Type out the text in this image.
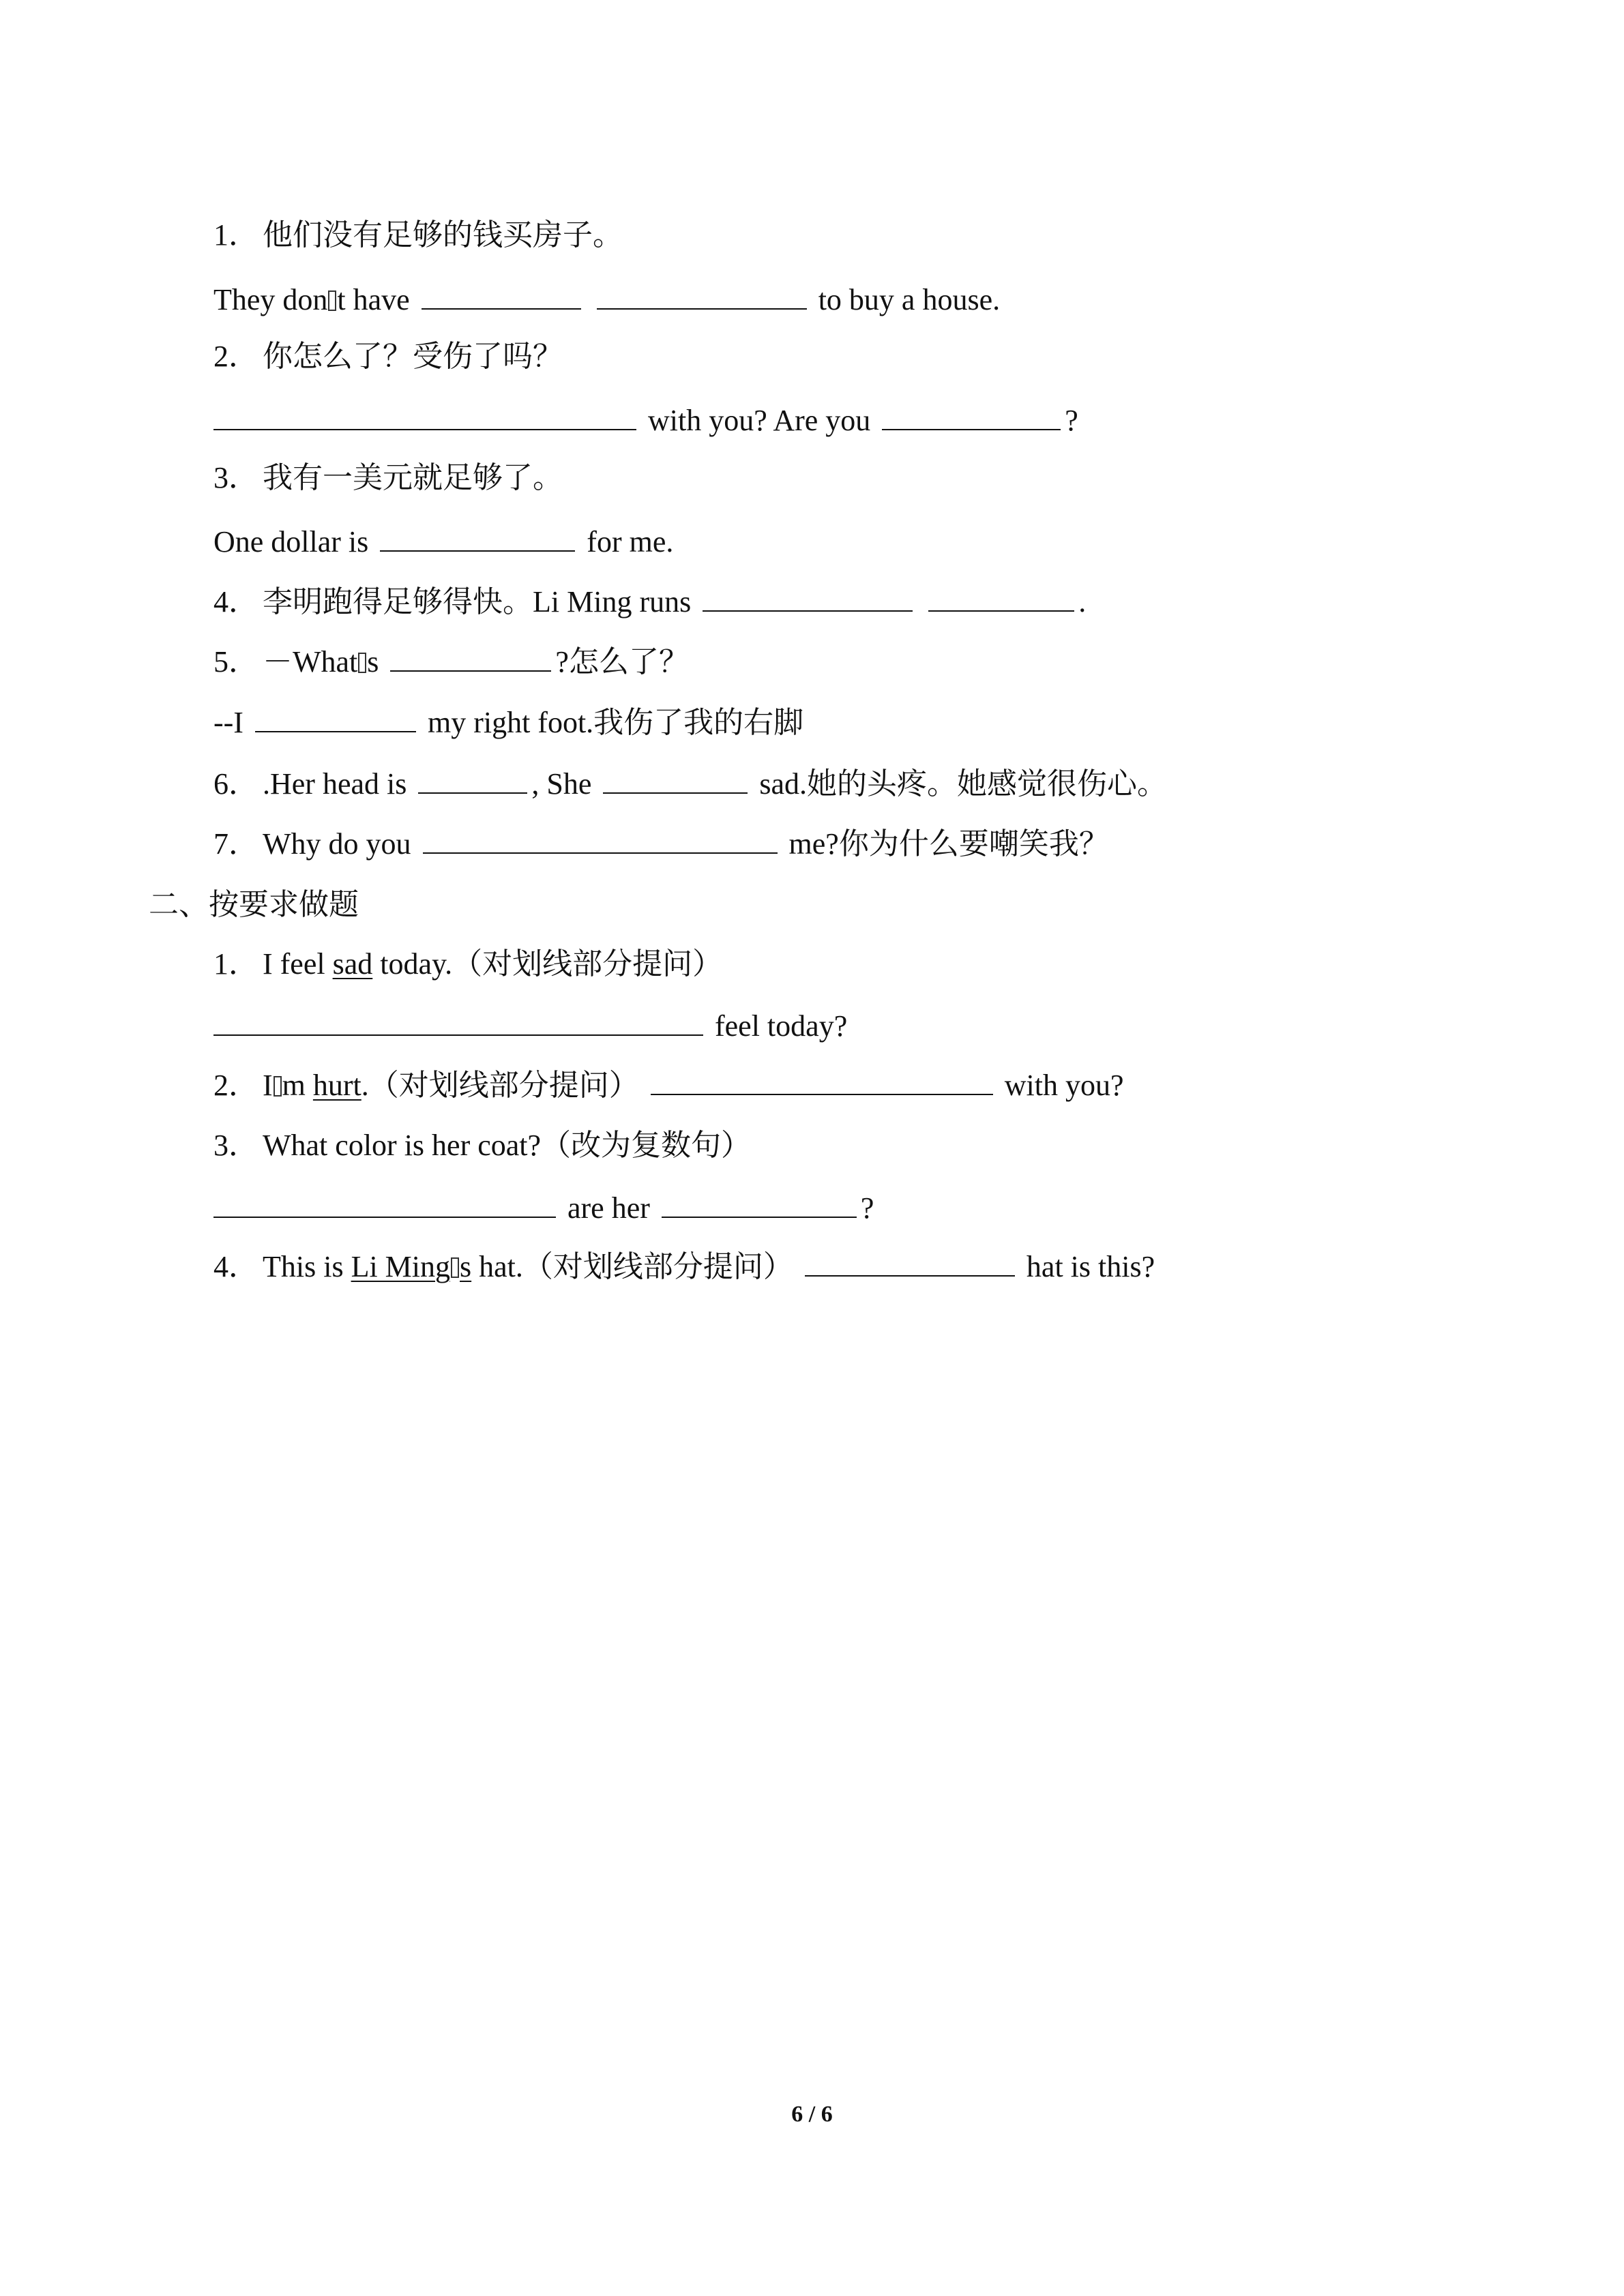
1． 他们没有足够的钱买房子。
They don t have	to buy a house.
2． 你怎么了？受伤了吗？
with you? Are you	?
3． 我有一美元就足够了。
One dollar is	for me.
4． 李明跑得足够得快。Li Ming runs	.
5． －What s	?怎么了？
--I	my right foot.我伤了我的右脚
6． .Her head is	, She	sad.她的头疼。她感觉很伤心。
7． Why do you	me?你为什么要嘲笑我？
二、按要求做题
1． I feel sad today.（对划线部分提问）
feel today?
2． I m hurt.（对划线部分提问）	with you?
3． What color is her coat?（改为复数句）
are her	?
4． This is Li Ming s hat.（对划线部分提问）	hat is this?
6 / 6
